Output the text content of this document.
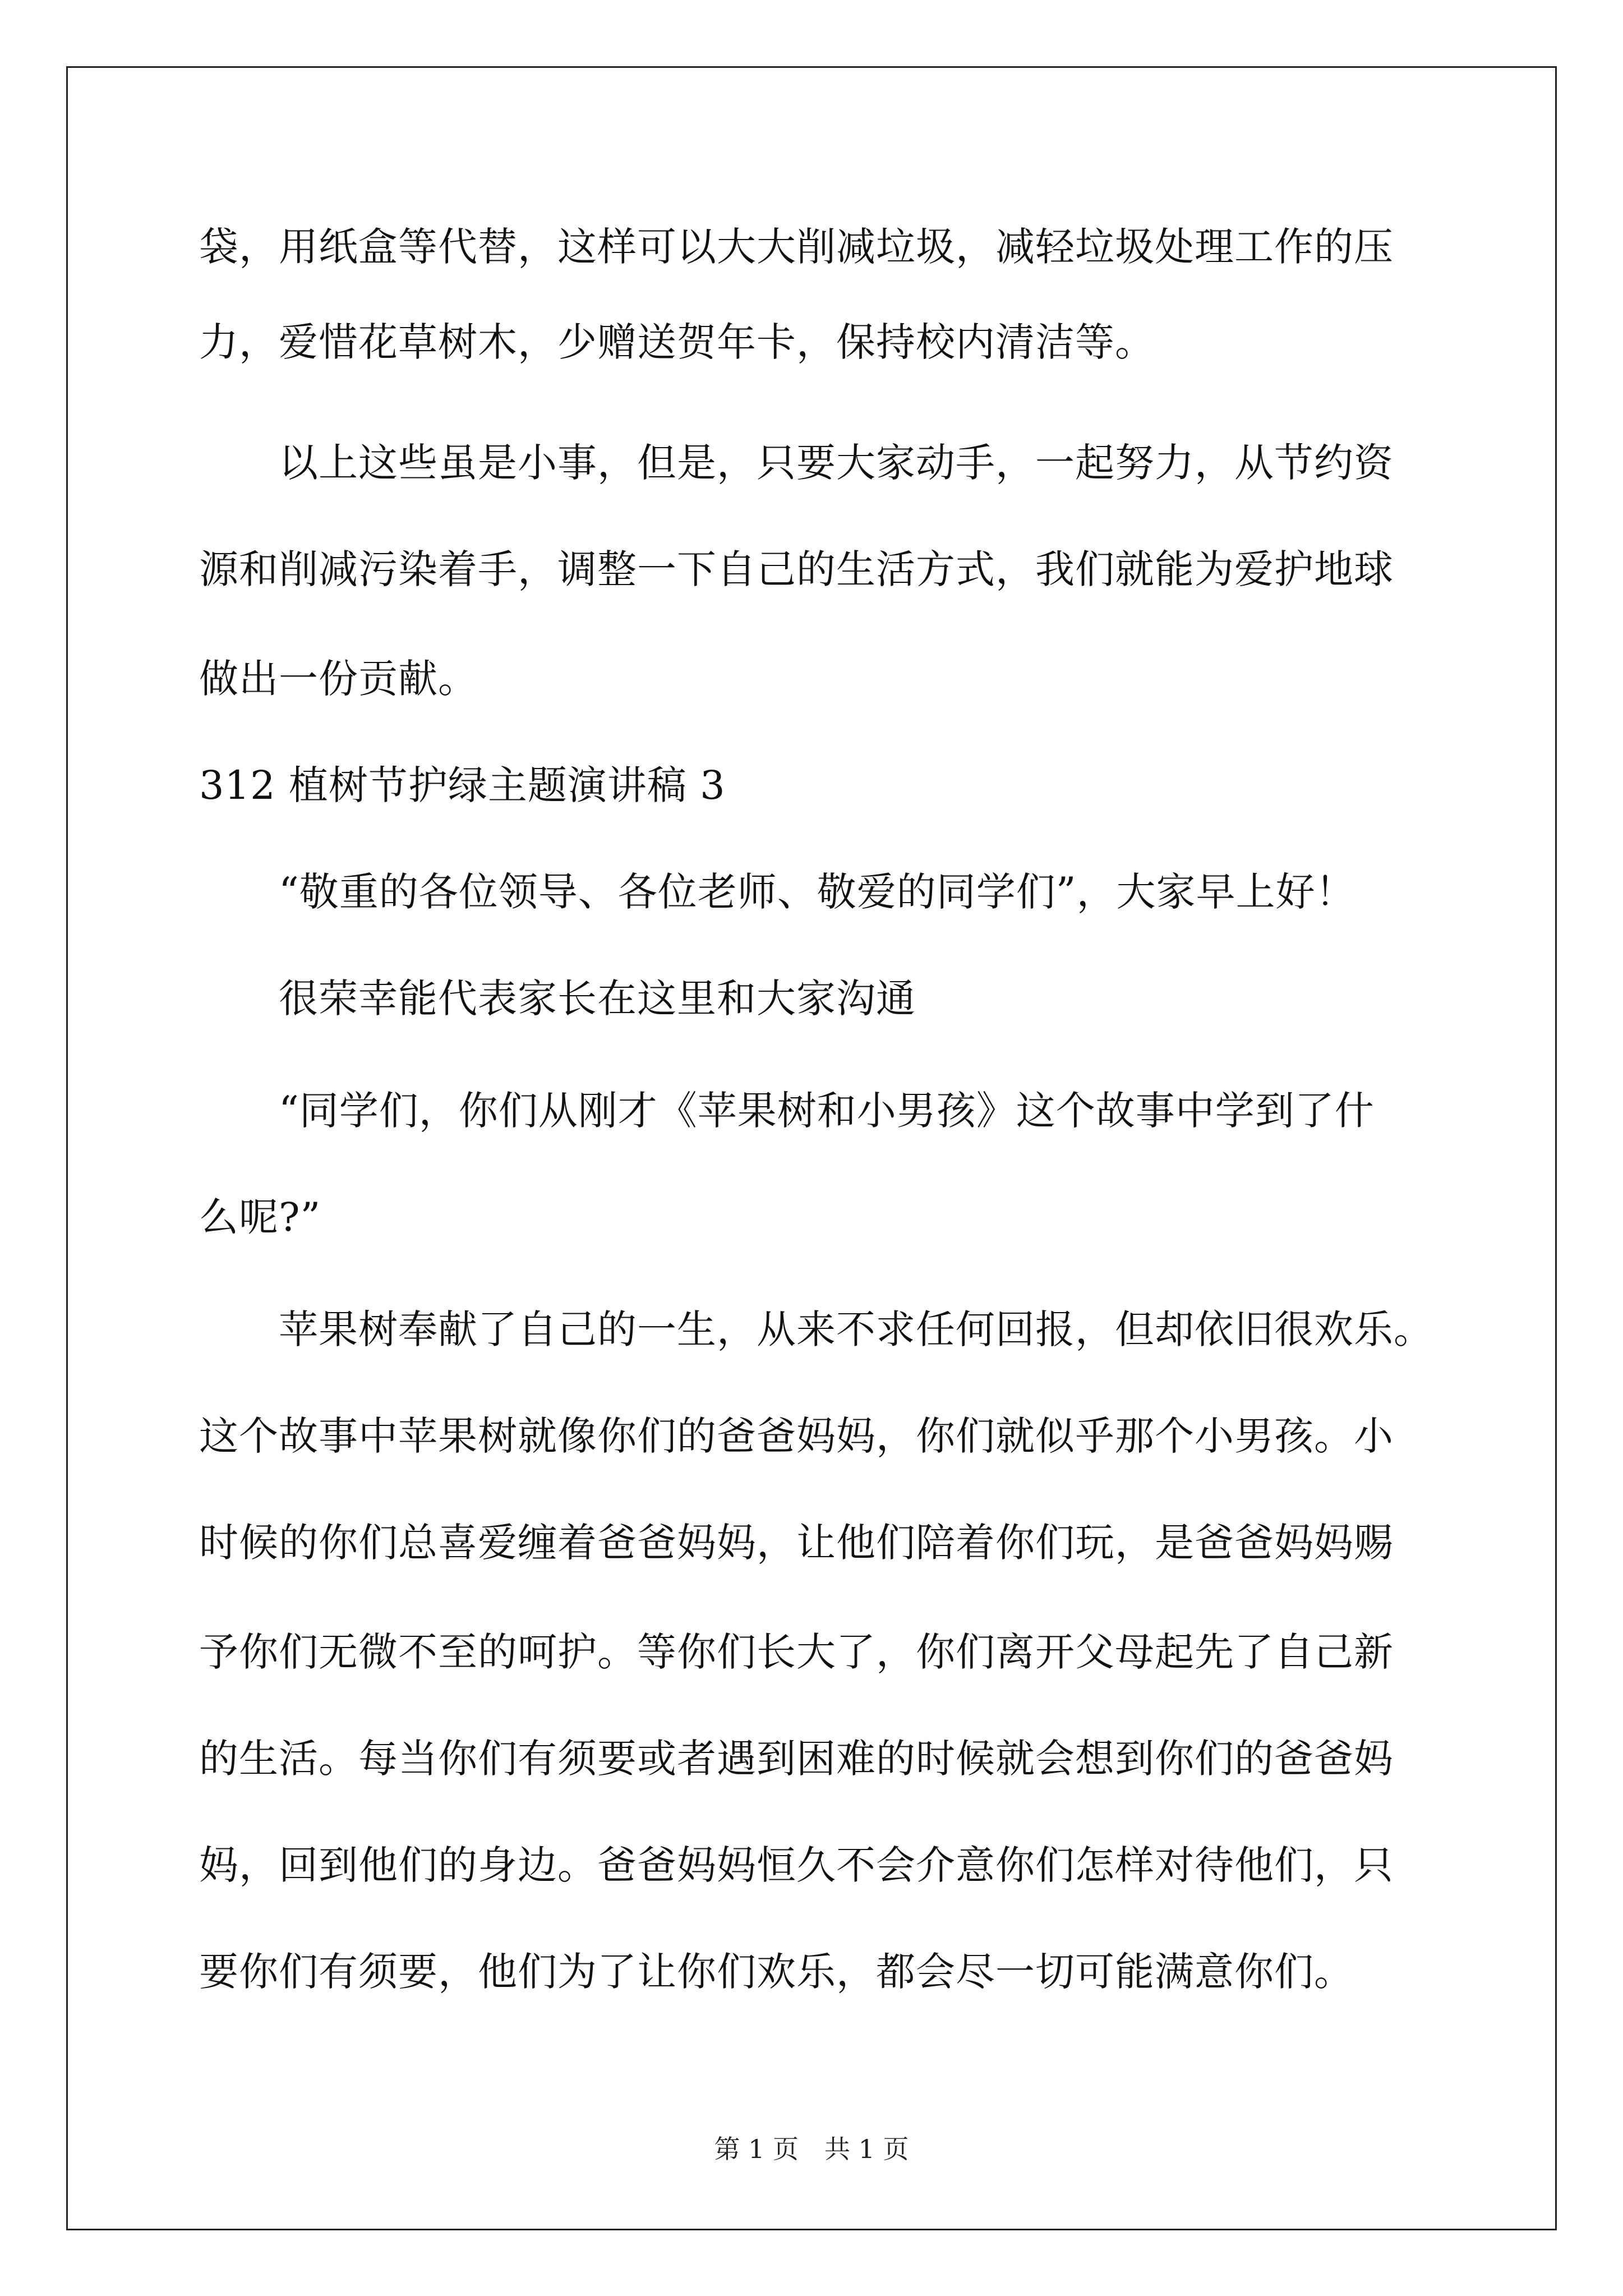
袋，用纸盒等代替，这样可以大大削减垃圾，减轻垃圾处理工作的压

力，爱惜花草树木，少赠送贺年卡，保持校内清洁等。

　　以上这些虽是小事，但是，只要大家动手，一起努力，从节约资

源和削减污染着手，调整一下自己的生活方式，我们就能为爱护地球

做出一份贡献。

312 植树节护绿主题演讲稿 3

　　“敬重的各位领导、各位老师、敬爱的同学们”，大家早上好！

　　很荣幸能代表家长在这里和大家沟通

　　“同学们，你们从刚才《苹果树和小男孩》这个故事中学到了什

么呢?”

　　苹果树奉献了自己的一生，从来不求任何回报，但却依旧很欢乐。

这个故事中苹果树就像你们的爸爸妈妈，你们就似乎那个小男孩。小

时候的你们总喜爱缠着爸爸妈妈，让他们陪着你们玩，是爸爸妈妈赐

予你们无微不至的呵护。等你们长大了，你们离开父母起先了自己新

的生活。每当你们有须要或者遇到困难的时候就会想到你们的爸爸妈

妈，回到他们的身边。爸爸妈妈恒久不会介意你们怎样对待他们，只

要你们有须要，他们为了让你们欢乐，都会尽一切可能满意你们。

第 1 页　共 1 页
